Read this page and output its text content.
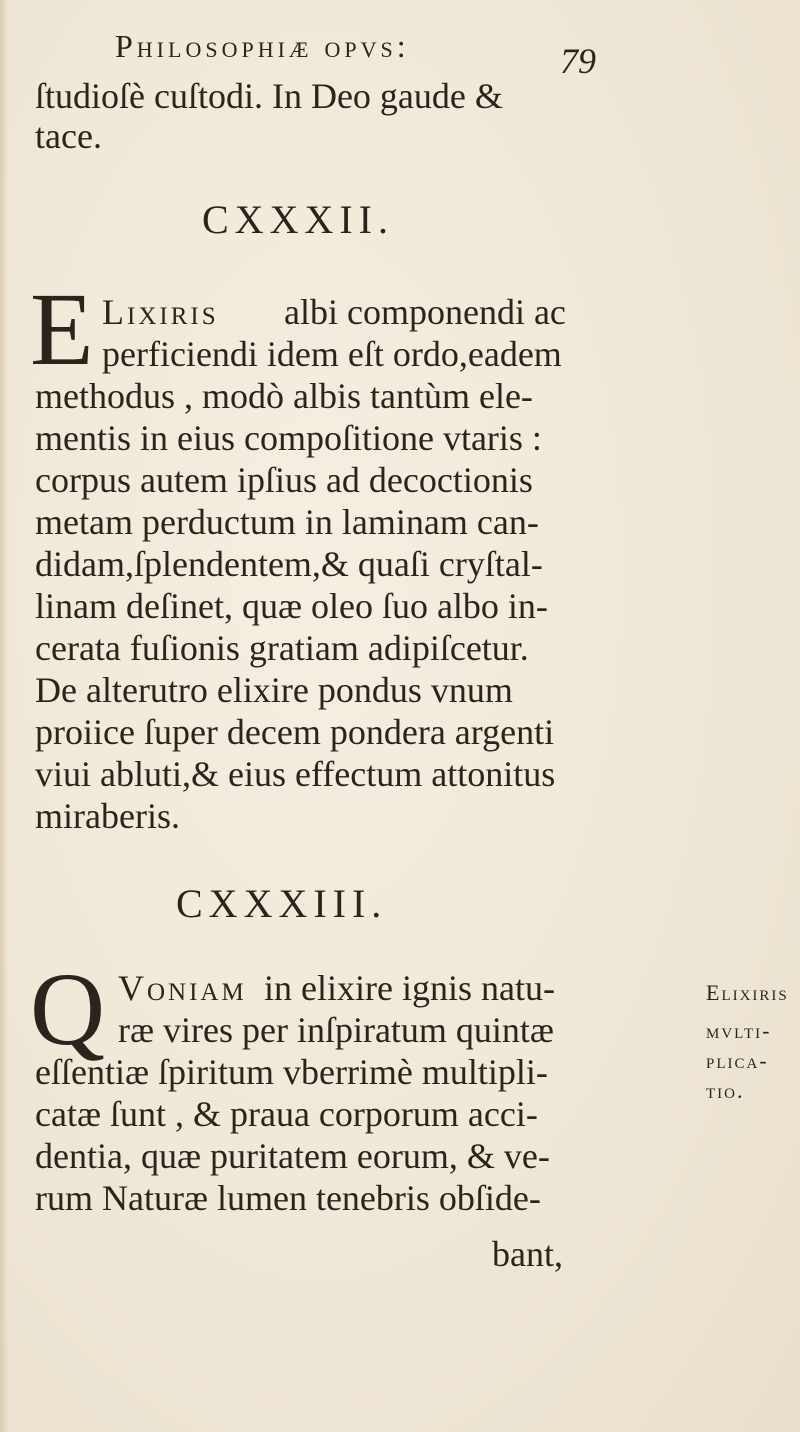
Philosophiæ opvs:	79
ſtudioſè cuſtodi. In Deo gaude &
tace.
CXXXII.
E Lixiris albi componendi ac
perficiendi idem eſt ordo,eadem
methodus , modò albis tantùm ele-
mentis in eius compoſitione vtaris :
corpus autem ipſius ad decoctionis
metam perductum in laminam can-
didam,ſplendentem,& quaſi cryſtal-
linam deſinet, quæ oleo ſuo albo in-
cerata fuſionis gratiam adipiſcetur.
De alterutro elixire pondus vnum
proiice ſuper decem pondera argenti
viui abluti,& eius effectum attonitus
miraberis.
CXXXIII.
Q Voniam in elixire ignis natu-
ræ vires per inſpiratum quintæ
eſſentiæ ſpiritum vberrimè multipli-
catæ ſunt , & praua corporum acci-
dentia, quæ puritatem eorum, & ve-
rum Naturæ lumen tenebris obſide-
bant,
Elixiris
mvlti-
plica-
tio.
